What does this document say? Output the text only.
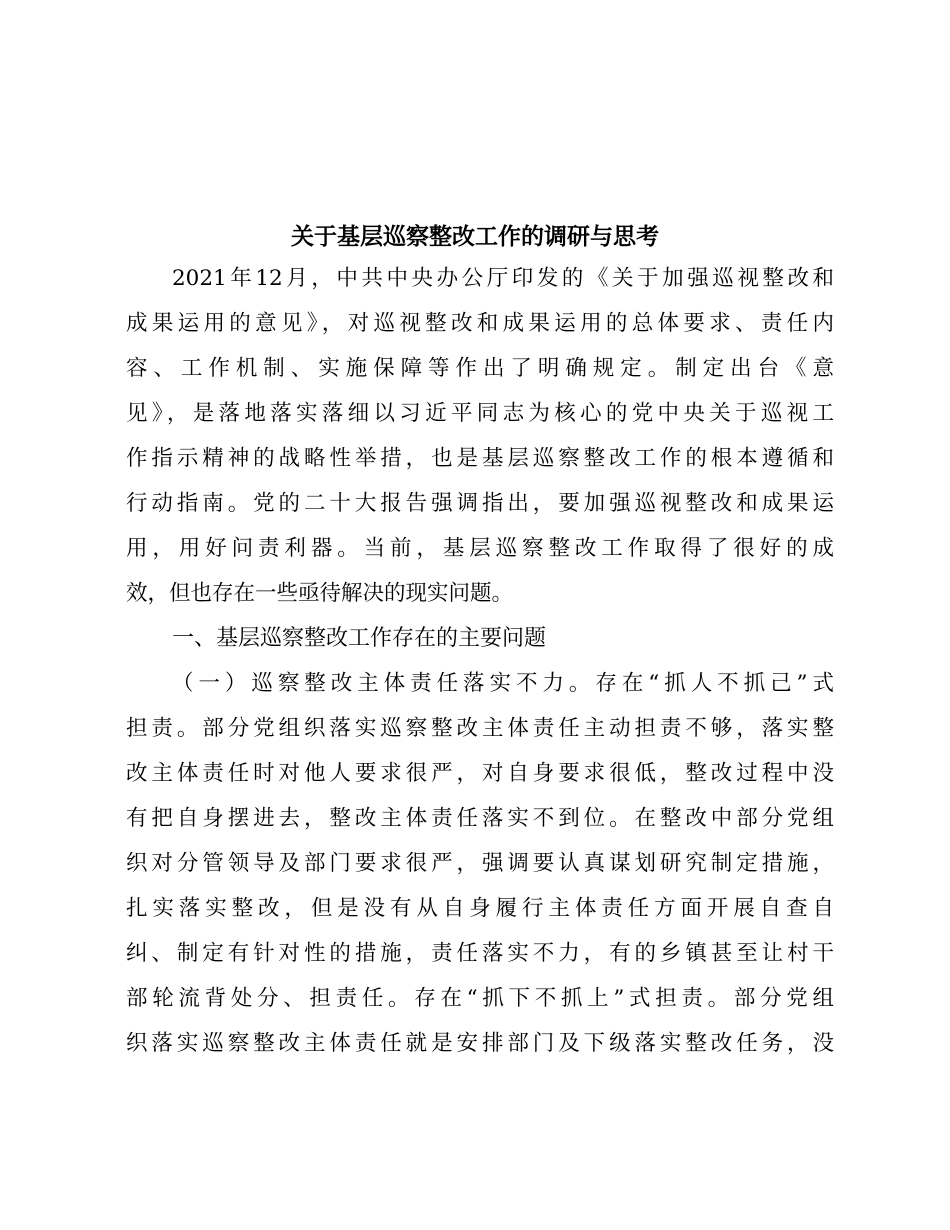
关于基层巡察整改工作的调研与思考
2021年12月，中共中央办公厅印发的《关于加强巡视整改和
成果运用的意见》，对巡视整改和成果运用的总体要求、责任内
容、工作机制、实施保障等作出了明确规定。制定出台《意
见》，是落地落实落细以习近平同志为核心的党中央关于巡视工
作指示精神的战略性举措，也是基层巡察整改工作的根本遵循和
行动指南。党的二十大报告强调指出，要加强巡视整改和成果运
用，用好问责利器。当前，基层巡察整改工作取得了很好的成
效，但也存在一些亟待解决的现实问题。
一、基层巡察整改工作存在的主要问题
（一）巡察整改主体责任落实不力。存在“抓人不抓己”式
担责。部分党组织落实巡察整改主体责任主动担责不够，落实整
改主体责任时对他人要求很严，对自身要求很低，整改过程中没
有把自身摆进去，整改主体责任落实不到位。在整改中部分党组
织对分管领导及部门要求很严，强调要认真谋划研究制定措施，
扎实落实整改，但是没有从自身履行主体责任方面开展自查自
纠、制定有针对性的措施，责任落实不力，有的乡镇甚至让村干
部轮流背处分、担责任。存在“抓下不抓上”式担责。部分党组
织落实巡察整改主体责任就是安排部门及下级落实整改任务，没
